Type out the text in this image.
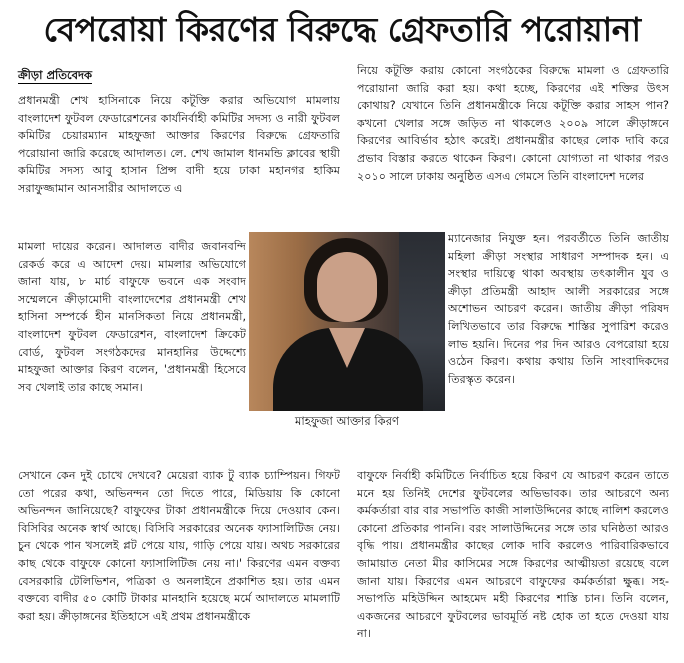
বেপরোয়া কিরণের বিরুদ্ধে গ্রেফতারি পরোয়ানা
ক্রীড়া প্রতিবেদক

প্রধানমন্ত্রী শেখ হাসিনাকে নিয়ে কটূক্তি করার অভিযোগ মামলায় বাংলাদেশ ফুটবল ফেডারেশনের কার্যনির্বাহী কমিটির সদস্য ও নারী ফুটবল কমিটির চেয়ারম্যান মাহফুজা আক্তার কিরণের বিরুদ্ধে গ্রেফতারি পরোয়ানা জারি করেছে আদালত। লে. শেখ জামাল ধানমন্ডি ক্লাবের স্থায়ী কমিটির সদস্য আবু হাসান প্রিন্স বাদী হয়ে ঢাকা মহানগর হাকিম সরাফুজ্জামান আনসারীর আদালতে এ

মামলা দায়ের করেন। আদালত বাদীর জবানবন্দি রেকর্ড করে এ আদেশ দেয়। মামলার অভিযোগে জানা যায়, ৮ মার্চ বাফুফে ভবনে এক সংবাদ সম্মেলনে ক্রীড়ামোদী বাংলাদেশের প্রধানমন্ত্রী শেখ হাসিনা সম্পর্কে হীন মানসিকতা নিয়ে প্রধানমন্ত্রী, বাংলাদেশ ফুটবল ফেডারেশন, বাংলাদেশ ক্রিকেট বোর্ড, ফুটবল সংগঠকদের মানহানির উদ্দেশ্যে মাহফুজা আক্তার কিরণ বলেন, 'প্রধানমন্ত্রী হিসেবে সব খেলাই তার কাছে সমান।

সেখানে কেন দুই চোখে দেখবে? মেয়েরা ব্যাক টু ব্যাক চ্যাম্পিয়ন। গিফট তো পরের কথা, অভিনন্দন তো দিতে পারে, মিডিয়ায় কি কোনো অভিনন্দন জানিয়েছে? বাফুফের টাকা প্রধানমন্ত্রীকে দিয়ে দেওয়াব কেন। বিসিবির অনেক স্বার্থ আছে। বিসিবি সরকারের অনেক ফ্যাসালিটিজ নেয়। চুন থেকে পান খসলেই প্লট পেয়ে যায়, গাড়ি পেয়ে যায়। অথচ সরকারের কাছ থেকে বাফুফে কোনো ফ্যাসালিটিজ নেয় না।' কিরণের এমন বক্তব্য বেসরকারি টেলিভিশন, পত্রিকা ও অনলাইনে প্রকাশিত হয়। তার এমন বক্তব্যে বাদীর ৫০ কোটি টাকার মানহানি হয়েছে মর্মে আদালতে মামলাটি করা হয়। ক্রীড়াঙ্গনের ইতিহাসে এই প্রথম প্রধানমন্ত্রীকে

মাহফুজা আক্তার কিরণ

নিয়ে কটূক্তি করায় কোনো সংগঠকের বিরুদ্ধে মামলা ও গ্রেফতারি পরোয়ানা জারি করা হয়। কথা হচ্ছে, কিরণের এই শক্তির উৎস কোথায়? যেখানে তিনি প্রধানমন্ত্রীকে নিয়ে কটূক্তি করার সাহস পান? কখনো খেলার সঙ্গে জড়িত না থাকলেও ২০০৯ সালে ক্রীড়াঙ্গনে কিরণের আবির্ভাব হঠাৎ করেই। প্রধানমন্ত্রীর কাছের লোক দাবি করে প্রভাব বিস্তার করতে থাকেন কিরণ। কোনো যোগ্যতা না থাকার পরও ২০১০ সালে ঢাকায় অনুষ্ঠিত এসএ গেমসে তিনি বাংলাদেশ দলের

ম্যানেজার নিযুক্ত হন। পরবর্তীতে তিনি জাতীয় মহিলা ক্রীড়া সংস্থার সাধারণ সম্পাদক হন। এ সংস্থার দায়িত্বে থাকা অবস্থায় তৎকালীন যুব ও ক্রীড়া প্রতিমন্ত্রী আহাদ আলী সরকারের সঙ্গে অশোভন আচরণ করেন। জাতীয় ক্রীড়া পরিষদ লিখিতভাবে তার বিরুদ্ধে শাস্তির সুপারিশ করেও লাভ হয়নি। দিনের পর দিন আরও বেপরোয়া হয়ে ওঠেন কিরণ। কথায় কথায় তিনি সাংবাদিকদের তিরস্কৃত করেন।

বাফুফে নির্বাহী কমিটিতে নির্বাচিত হয়ে কিরণ যে আচরণ করেন তাতে মনে হয় তিনিই দেশের ফুটবলের অভিভাবক। তার আচরণে অন্য কর্মকর্তারা বার বার সভাপতি কাজী সালাউদ্দিনের কাছে নালিশ করলেও কোনো প্রতিকার পাননি। বরং সালাউদ্দিনের সঙ্গে তার ঘনিষ্ঠতা আরও বৃদ্ধি পায়। প্রধানমন্ত্রীর কাছের লোক দাবি করলেও পারিবারিকভাবে জামায়াত নেতা মীর কাসিমের সঙ্গে কিরণের আত্মীয়তা রয়েছে বলে জানা যায়। কিরণের এমন আচরণে বাফুফের কর্মকর্তারা ক্ষুব্ধ। সহ-সভাপতি মহিউদ্দিন আহমেদ মহী কিরণের শাস্তি চান। তিনি বলেন, একজনের আচরণে ফুটবলের ভাবমূর্তি নষ্ট হোক তা হতে দেওয়া যায় না।
